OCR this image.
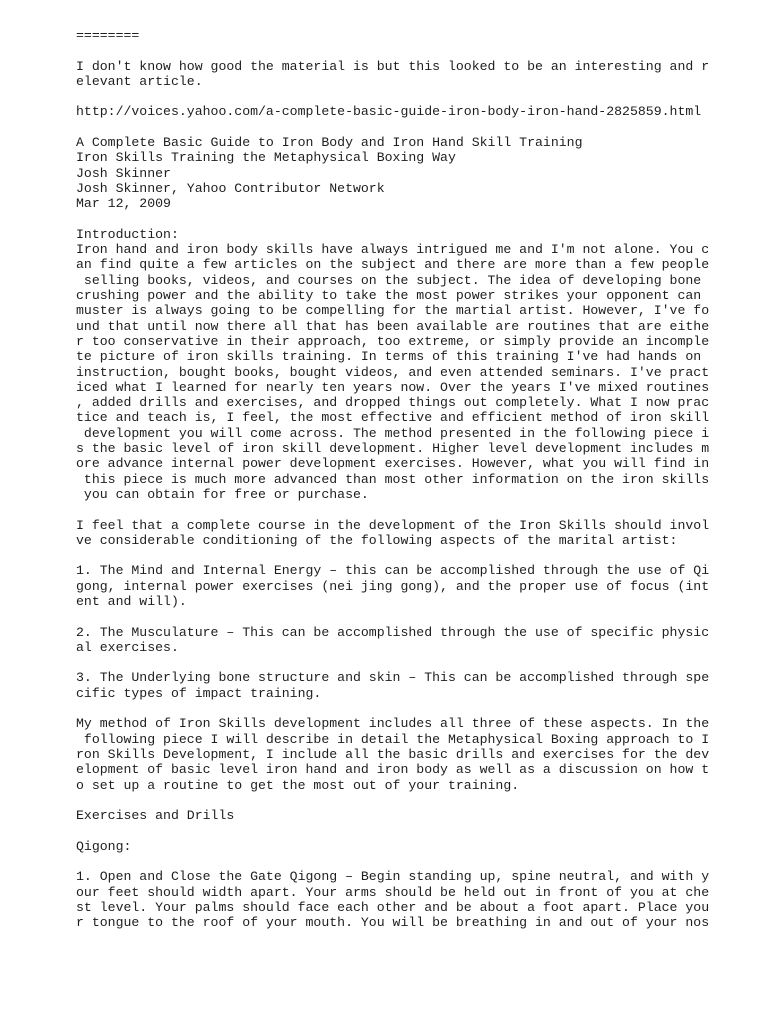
========
I don't know how good the material is but this looked to be an interesting and r
elevant article.
http://voices.yahoo.com/a-complete-basic-guide-iron-body-iron-hand-2825859.html
A Complete Basic Guide to Iron Body and Iron Hand Skill Training
Iron Skills Training the Metaphysical Boxing Way
Josh Skinner
Josh Skinner, Yahoo Contributor Network
Mar 12, 2009
Introduction:
Iron hand and iron body skills have always intrigued me and I'm not alone. You c
an find quite a few articles on the subject and there are more than a few people
selling books, videos, and courses on the subject. The idea of developing bone
crushing power and the ability to take the most power strikes your opponent can
muster is always going to be compelling for the martial artist. However, I've fo
und that until now there all that has been available are routines that are eithe
r too conservative in their approach, too extreme, or simply provide an incomple
te picture of iron skills training. In terms of this training I've had hands on
instruction, bought books, bought videos, and even attended seminars. I've pract
iced what I learned for nearly ten years now. Over the years I've mixed routines
, added drills and exercises, and dropped things out completely. What I now prac
tice and teach is, I feel, the most effective and efficient method of iron skill
development you will come across. The method presented in the following piece i
s the basic level of iron skill development. Higher level development includes m
ore advance internal power development exercises. However, what you will find in
this piece is much more advanced than most other information on the iron skills
you can obtain for free or purchase.
I feel that a complete course in the development of the Iron Skills should invol
ve considerable conditioning of the following aspects of the marital artist:
1. The Mind and Internal Energy – this can be accomplished through the use of Qi
gong, internal power exercises (nei jing gong), and the proper use of focus (int
ent and will).
2. The Musculature – This can be accomplished through the use of specific physic
al exercises.
3. The Underlying bone structure and skin – This can be accomplished through spe
cific types of impact training.
My method of Iron Skills development includes all three of these aspects. In the
following piece I will describe in detail the Metaphysical Boxing approach to I
ron Skills Development, I include all the basic drills and exercises for the dev
elopment of basic level iron hand and iron body as well as a discussion on how t
o set up a routine to get the most out of your training.
Exercises and Drills
Qigong:
1. Open and Close the Gate Qigong – Begin standing up, spine neutral, and with y
our feet should width apart. Your arms should be held out in front of you at che
st level. Your palms should face each other and be about a foot apart. Place you
r tongue to the roof of your mouth. You will be breathing in and out of your nos
